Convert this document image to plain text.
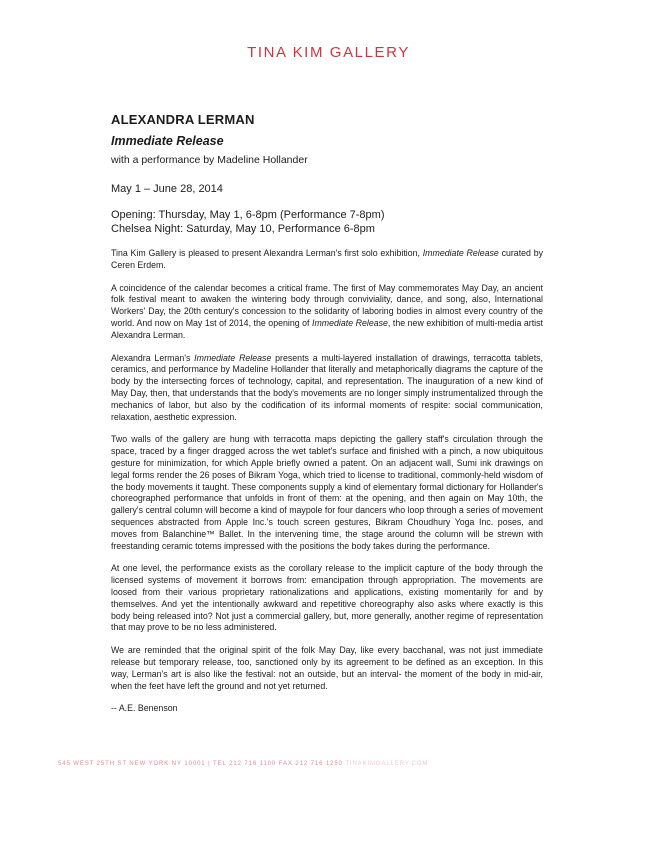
TINA KIM GALLERY
ALEXANDRA LERMAN
Immediate Release
with a performance by Madeline Hollander
May 1 – June 28, 2014
Opening: Thursday, May 1, 6-8pm (Performance 7-8pm)
Chelsea Night: Saturday, May 10, Performance 6-8pm

Tina Kim Gallery is pleased to present Alexandra Lerman's first solo exhibition, Immediate Release curated by Ceren Erdem.

A coincidence of the calendar becomes a critical frame. The first of May commemorates May Day, an ancient folk festival meant to awaken the wintering body through conviviality, dance, and song, also, International Workers' Day, the 20th century's concession to the solidarity of laboring bodies in almost every country of the world. And now on May 1st of 2014, the opening of Immediate Release, the new exhibition of multi-media artist Alexandra Lerman.

Alexandra Lerman's Immediate Release presents a multi-layered installation of drawings, terracotta tablets, ceramics, and performance by Madeline Hollander that literally and metaphorically diagrams the capture of the body by the intersecting forces of technology, capital, and representation. The inauguration of a new kind of May Day, then, that understands that the body's movements are no longer simply instrumentalized through the mechanics of labor, but also by the codification of its informal moments of respite: social communication, relaxation, aesthetic expression.

Two walls of the gallery are hung with terracotta maps depicting the gallery staff's circulation through the space, traced by a finger dragged across the wet tablet's surface and finished with a pinch, a now ubiquitous gesture for minimization, for which Apple briefly owned a patent. On an adjacent wall, Sumi ink drawings on legal forms render the 26 poses of Bikram Yoga, which tried to license to traditional, commonly-held wisdom of the body movements it taught. These components supply a kind of elementary formal dictionary for Hollander's choreographed performance that unfolds in front of them: at the opening, and then again on May 10th, the gallery's central column will become a kind of maypole for four dancers who loop through a series of movement sequences abstracted from Apple Inc.'s touch screen gestures, Bikram Choudhury Yoga Inc. poses, and moves from Balanchine™ Ballet. In the intervening time, the stage around the column will be strewn with freestanding ceramic totems impressed with the positions the body takes during the performance.

At one level, the performance exists as the corollary release to the implicit capture of the body through the licensed systems of movement it borrows from: emancipation through appropriation. The movements are loosed from their various proprietary rationalizations and applications, existing momentarily for and by themselves. And yet the intentionally awkward and repetitive choreography also asks where exactly is this body being released into? Not just a commercial gallery, but, more generally, another regime of representation that may prove to be no less administered.

We are reminded that the original spirit of the folk May Day, like every bacchanal, was not just immediate release but temporary release, too, sanctioned only by its agreement to be defined as an exception. In this way, Lerman's art is also like the festival: not an outside, but an interval- the moment of the body in mid-air, when the feet have left the ground and not yet returned.

-- A.E. Benenson
545 WEST 25TH ST NEW YORK NY 10001 | TEL 212 716 1100 FAX 212 716 1250 TINAKIMGALLERY.COM
